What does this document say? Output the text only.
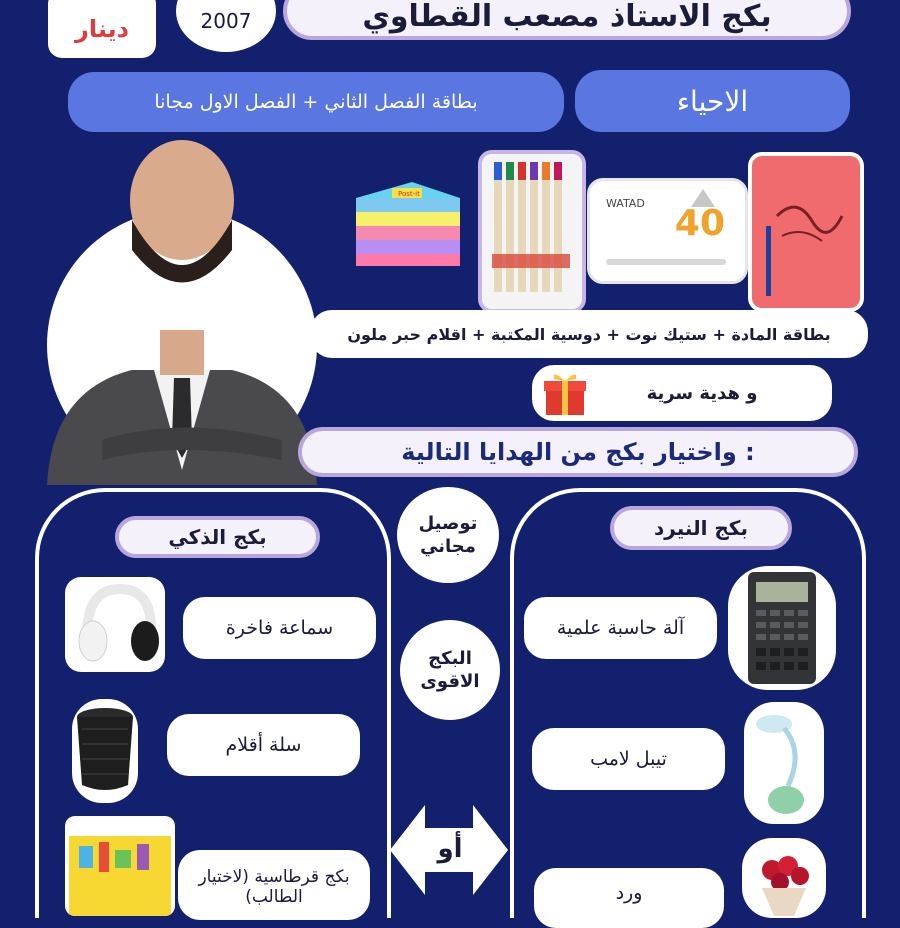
بكج الاستاذ مصعب القطاوي
2007
دينار
الاحياء
بطاقة الفصل الثاني + الفصل الاول مجانا
Post-it
WATAD 40
بطاقة المادة + ستيك نوت + دوسية المكتبة + اقلام حبر ملون
و هدية سرية
واختيار بكج من الهدايا التالية :
بكج الذكي	بكج النيرد
توصيل مجاني
البكج الاقوى
أو
سماعة فاخرة
سلة أقلام
بكج قرطاسية (لاختيار الطالب)
آلة حاسبة علمية
تيبل لامب
ورد
